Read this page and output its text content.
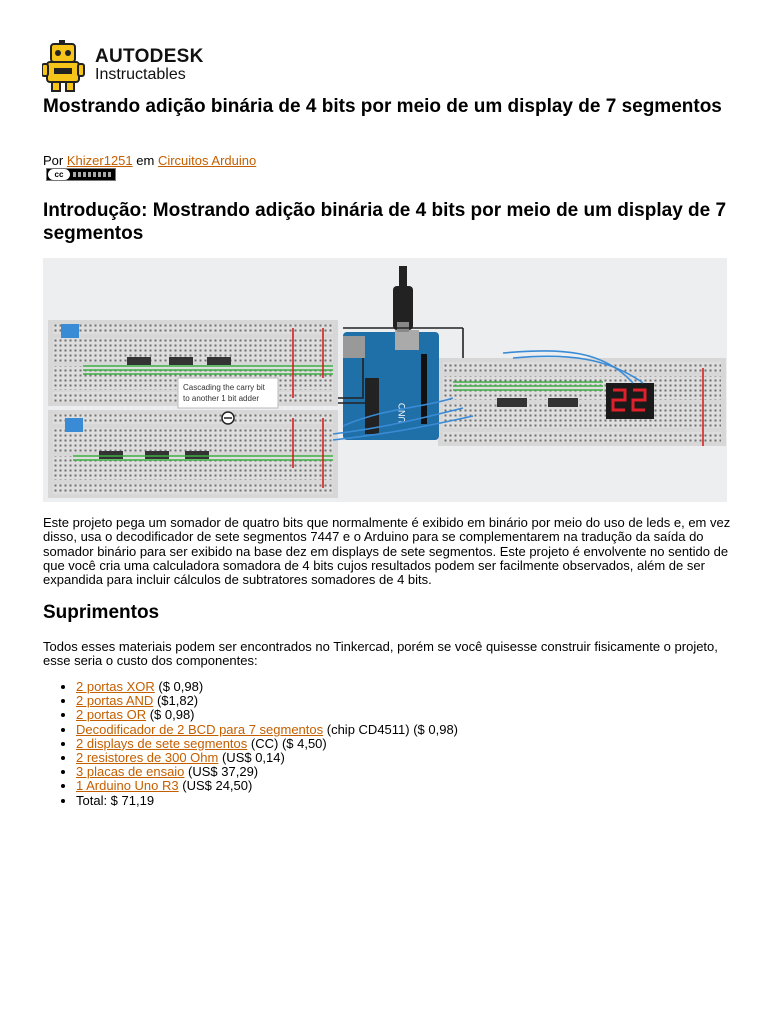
AUTODESK
Instructables
Mostrando adição binária de 4 bits por meio de um display de 7 segmentos
Por Khizer1251 em Circuitos Arduino
cc
Introdução: Mostrando adição binária de 4 bits por meio de um display de 7 segmentos
UNO
Cascading the carry bit
to another 1 bit adder

Este projeto pega um somador de quatro bits que normalmente é exibido em binário por meio do uso de leds e, em vez disso, usa o decodificador de sete segmentos 7447 e o Arduino para se complementarem na tradução da saída do somador binário para ser exibido na base dez em displays de sete segmentos. Este projeto é envolvente no sentido de que você cria uma calculadora somadora de 4 bits cujos resultados podem ser facilmente observados, além de ser expandida para incluir cálculos de subtratores somadores de 4 bits.

Suprimentos

Todos esses materiais podem ser encontrados no Tinkercad, porém se você quisesse construir fisicamente o projeto, esse seria o custo dos componentes:

• 2 portas XOR ($ 0,98)
• 2 portas AND ($1,82)
• 2 portas OR ($ 0,98)
• Decodificador de 2 BCD para 7 segmentos (chip CD4511) ($ 0,98)
• 2 displays de sete segmentos (CC) ($ 4,50)
• 2 resistores de 300 Ohm (US$ 0,14)
• 3 placas de ensaio (US$ 37,29)
• 1 Arduino Uno R3 (US$ 24,50)
• Total: $ 71,19
